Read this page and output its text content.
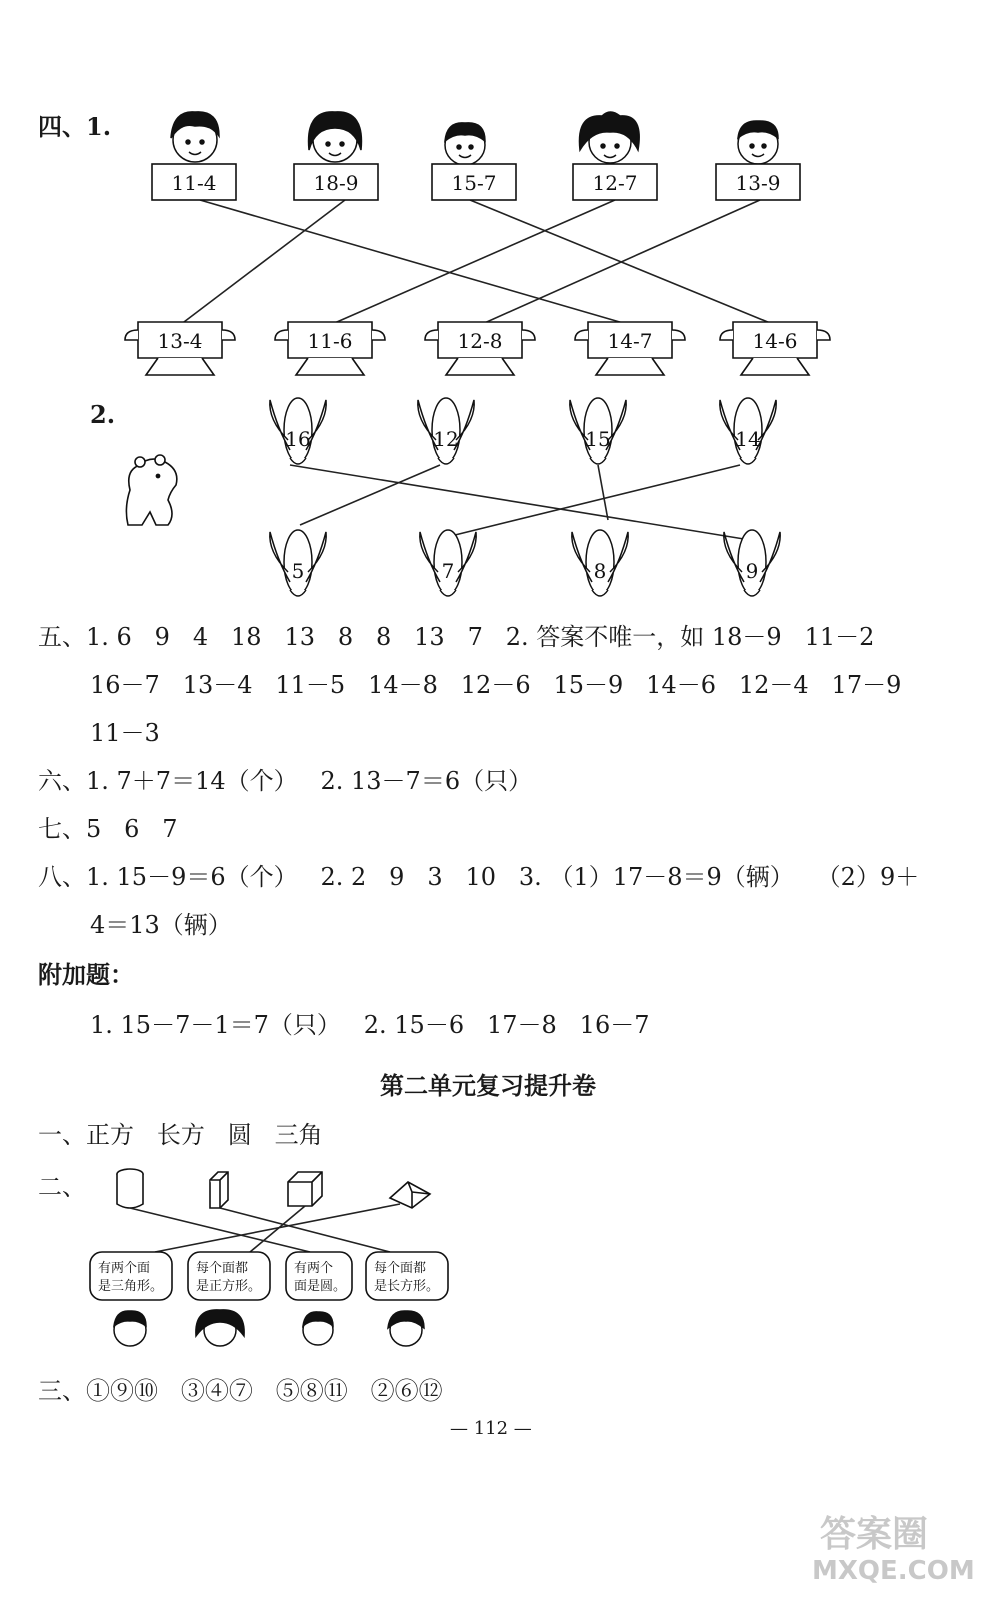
四、1.
11-4	18-9	15-7	12-7	13-9
13-4	11-6	12-8	14-7	14-6
2.
16	12	15	14
5	7	8	9
五、1. 6   9   4   18   13   8   8   13   7   2. 答案不唯一，如 18－9   11－2
16－7   13－4   11－5   14－8   12－6   15－9   14－6   12－4   17－9
11－3
六、1. 7＋7＝14（个）   2. 13－7＝6（只）
七、5   6   7
八、1. 15－9＝6（个）   2. 2   9   3   10   3. （1）17－8＝9（辆）   （2）9＋
4＝13（辆）
附加题：
1. 15－7－1＝7（只）   2. 15－6   17－8   16－7
第二单元复习提升卷
一、正方   长方   圆   三角
二、
有两个面
是三角形。
每个面都
是正方形。
有两个
面是圆。
每个面都
是长方形。
三、①⑨⑩   ③④⑦   ⑤⑧⑪   ②⑥⑫
— 112 —
答案圈
MXQE.COM
